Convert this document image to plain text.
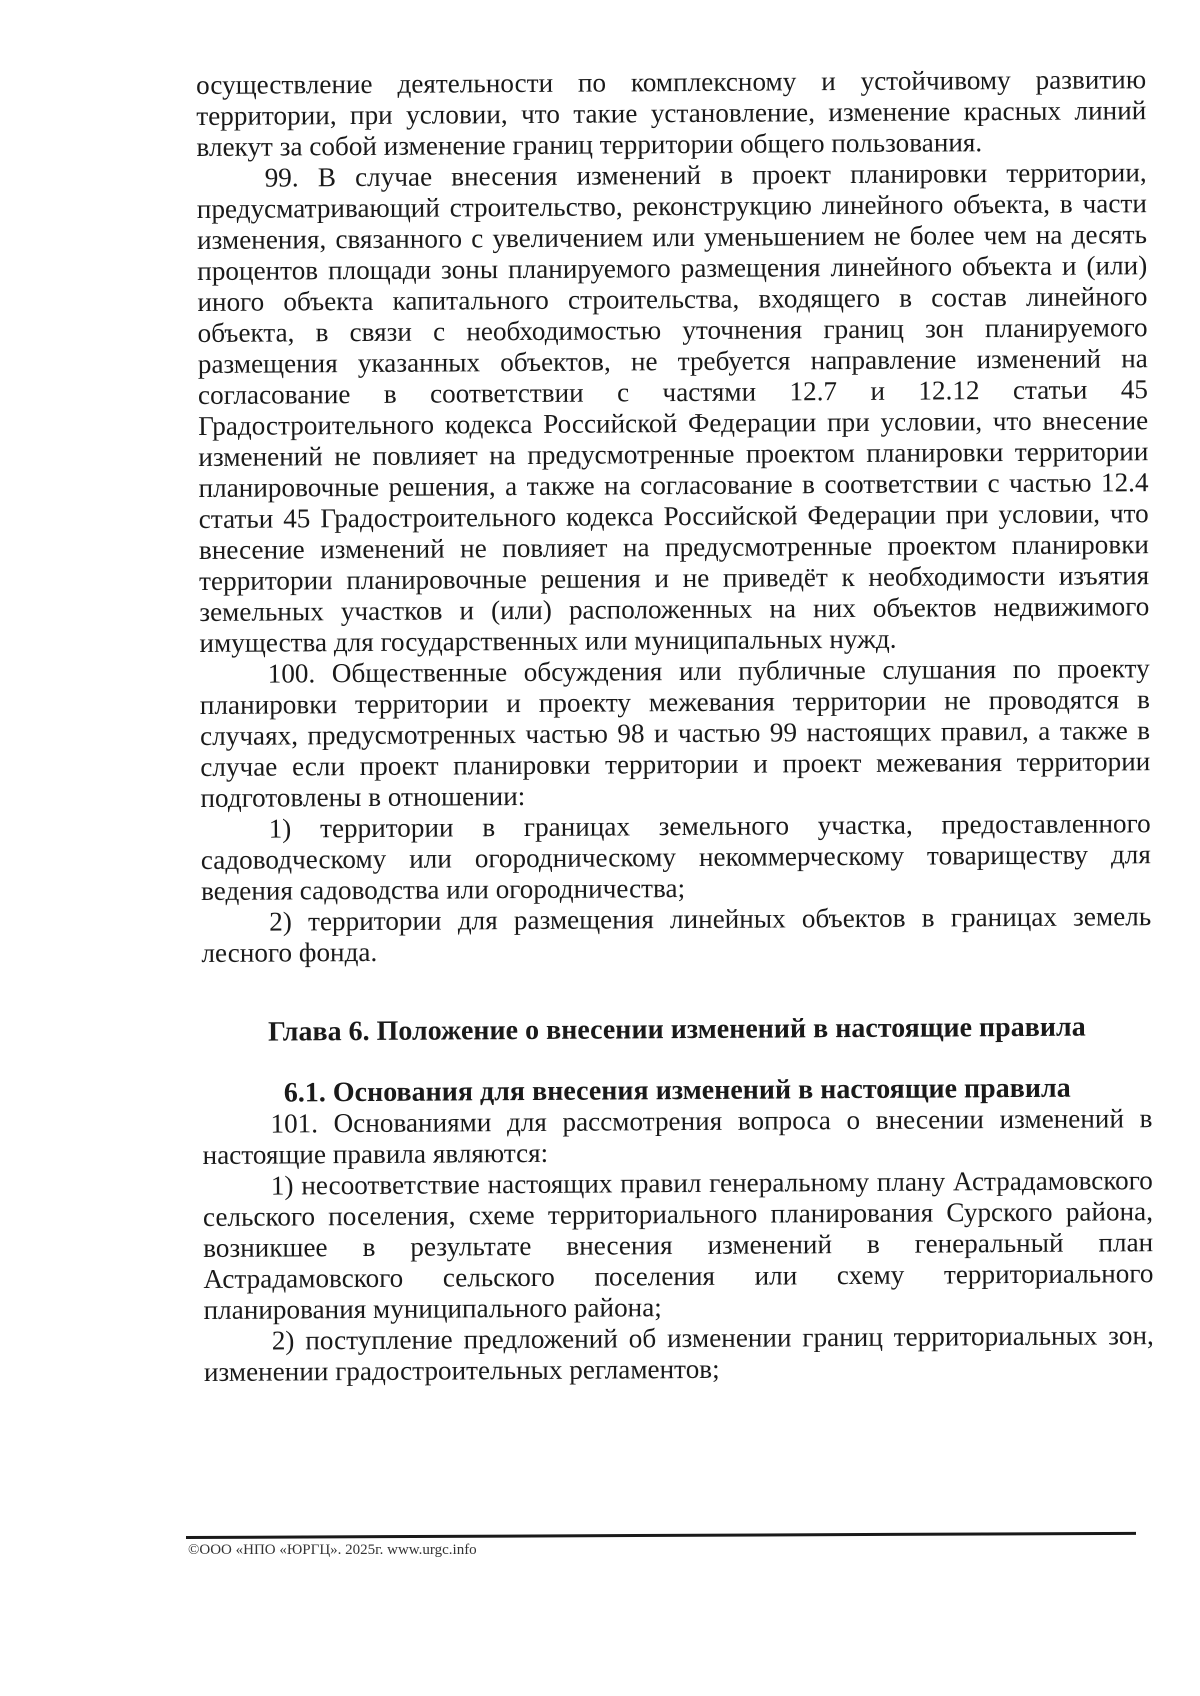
осуществление деятельности по комплексному и устойчивому развитию территории, при условии, что такие установление, изменение красных линий влекут за собой изменение границ территории общего пользования.

99. В случае внесения изменений в проект планировки территории, предусматривающий строительство, реконструкцию линейного объекта, в части изменения, связанного с увеличением или уменьшением не более чем на десять процентов площади зоны планируемого размещения линейного объекта и (или) иного объекта капитального строительства, входящего в состав линейного объекта, в связи с необходимостью уточнения границ зон планируемого размещения указанных объектов, не требуется направление изменений на согласование в соответствии с частями 12.7 и 12.12 статьи 45 Градостроительного кодекса Российской Федерации при условии, что внесение изменений не повлияет на предусмотренные проектом планировки территории планировочные решения, а также на согласование в соответствии с частью 12.4 статьи 45 Градостроительного кодекса Российской Федерации при условии, что внесение изменений не повлияет на предусмотренные проектом планировки территории планировочные решения и не приведёт к необходимости изъятия земельных участков и (или) расположенных на них объектов недвижимого имущества для государственных или муниципальных нужд.

100. Общественные обсуждения или публичные слушания по проекту планировки территории и проекту межевания территории не проводятся в случаях, предусмотренных частью 98 и частью 99 настоящих правил, а также в случае если проект планировки территории и проект межевания территории подготовлены в отношении:

1) территории в границах земельного участка, предоставленного садоводческому или огородническому некоммерческому товариществу для ведения садоводства или огородничества;

2) территории для размещения линейных объектов в границах земель лесного фонда.

Глава 6. Положение о внесении изменений в настоящие правила

6.1. Основания для внесения изменений в настоящие правила

101. Основаниями для рассмотрения вопроса о внесении изменений в настоящие правила являются:

1) несоответствие настоящих правил генеральному плану Астрадамовского сельского поселения, схеме территориального планирования Сурского района, возникшее в результате внесения изменений в генеральный план Астрадамовского сельского поселения или схему территориального планирования муниципального района;

2) поступление предложений об изменении границ территориальных зон, изменении градостроительных регламентов;

©ООО «НПО «ЮРГЦ». 2025г. www.urgc.info
